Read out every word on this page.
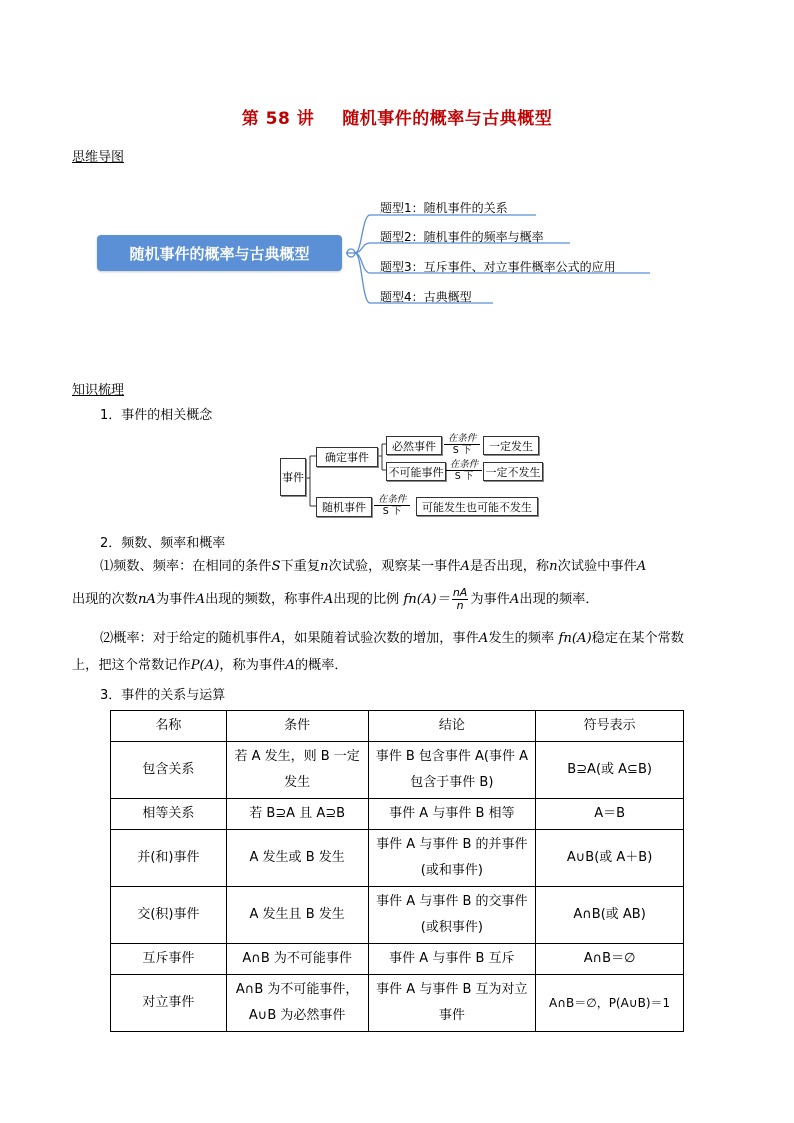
第 58 讲 随机事件的概率与古典概型
思维导图
随机事件的概率与古典概型
题型1：随机事件的关系
题型2：随机事件的频率与概率
题型3：互斥事件、对立事件概率公式的应用
题型4：古典概型
知识梳理
1．事件的相关概念
事件
确定事件
随机事件
必然事件
不可能事件
在条件
S 下
在条件
S 下
在条件
S 下
一定发生
一定不发生
可能发生也可能不发生
2．频数、频率和概率
⑴频数、频率：在相同的条件S下重复n次试验，观察某一事件A是否出现，称n次试验中事件A
出现的次数nA为事件A出现的频数，称事件A出现的比例 $fn(A)= \frac{nA}{n}$ 为事件A出现的频率．
⑵概率：对于给定的随机事件A，如果随着试验次数的增加，事件A发生的频率 fn(A)稳定在某个常数
上，把这个常数记作P(A)，称为事件A的概率．
3．事件的关系与运算
名称	条件	结论	符号表示
包含关系	若 A 发生，则 B 一定发生	事件 B 包含事件 A(事件 A 包含于事件 B)	B⊇A(或 A⊆B)
相等关系	若 B⊇A 且 A⊇B	事件 A 与事件 B 相等	A＝B
并(和)事件	A 发生或 B 发生	事件 A 与事件 B 的并事件(或和事件)	A∪B(或 A＋B)
交(积)事件	A 发生且 B 发生	事件 A 与事件 B 的交事件(或积事件)	A∩B(或 AB)
互斥事件	A∩B 为不可能事件	事件 A 与事件 B 互斥	A∩B＝∅
对立事件	A∩B 为不可能事件，A∪B 为必然事件	事件 A 与事件 B 互为对立事件	A∩B＝∅，P(A∪B)＝1
